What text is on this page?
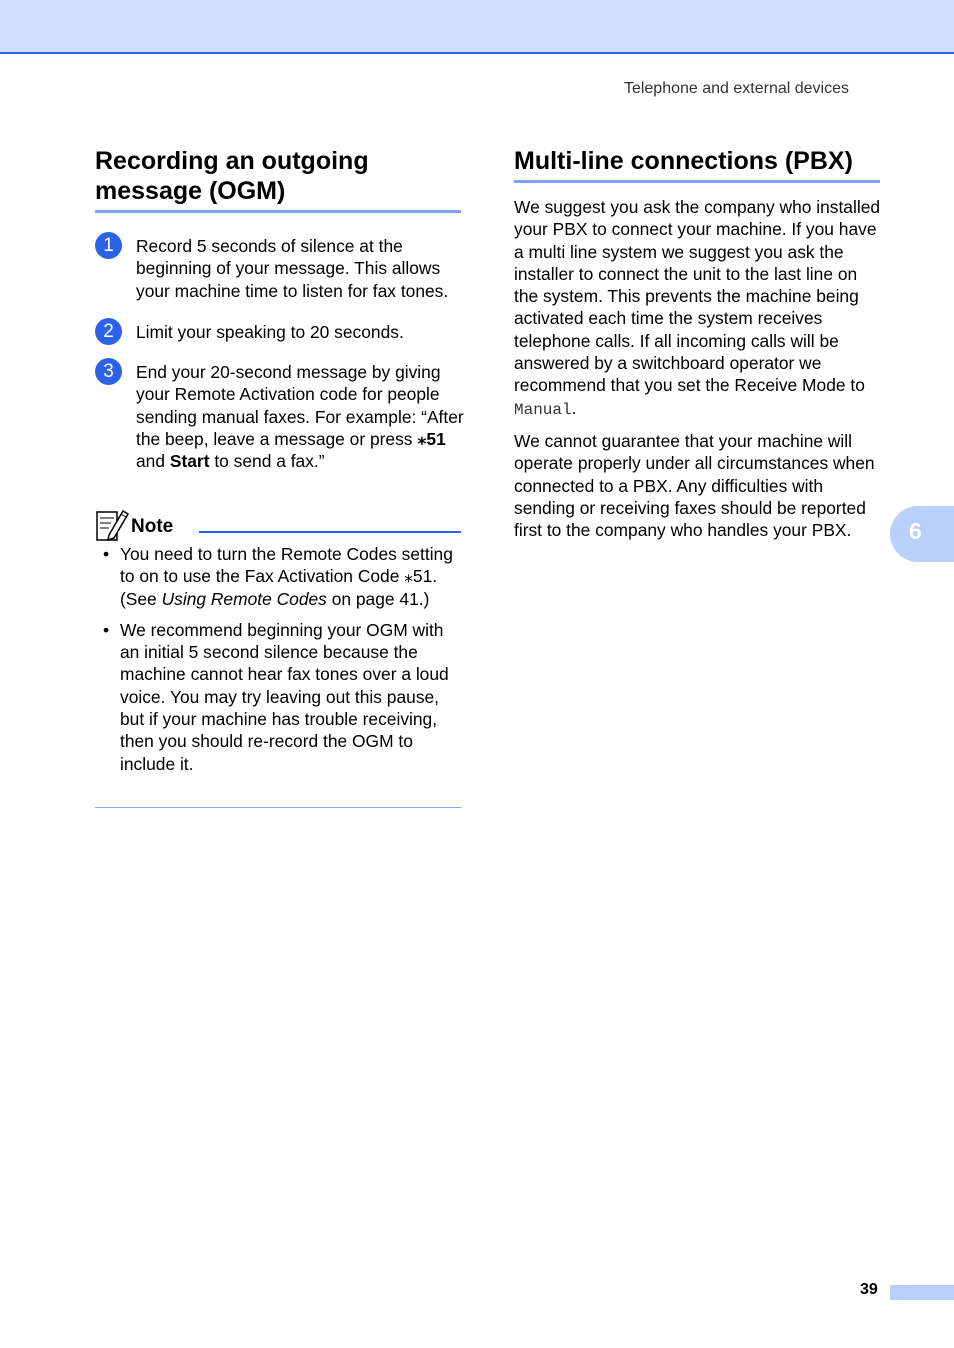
Telephone and external devices
Recording an outgoing message (OGM)
1	Record 5 seconds of silence at the beginning of your message. This allows your machine time to listen for fax tones.
2	Limit your speaking to 20 seconds.
3	End your 20-second message by giving your Remote Activation code for people sending manual faxes. For example: “After the beep, leave a message or press ⁎51 and Start to send a fax.”
Note
• You need to turn the Remote Codes setting to on to use the Fax Activation Code ⁎51. (See Using Remote Codes on page 41.)
• We recommend beginning your OGM with an initial 5 second silence because the machine cannot hear fax tones over a loud voice. You may try leaving out this pause, but if your machine has trouble receiving, then you should re-record the OGM to include it.
Multi-line connections (PBX)

We suggest you ask the company who installed your PBX to connect your machine. If you have a multi line system we suggest you ask the installer to connect the unit to the last line on the system. This prevents the machine being activated each time the system receives telephone calls. If all incoming calls will be answered by a switchboard operator we recommend that you set the Receive Mode to Manual.

We cannot guarantee that your machine will operate properly under all circumstances when connected to a PBX. Any difficulties with sending or receiving faxes should be reported first to the company who handles your PBX.	6
39
